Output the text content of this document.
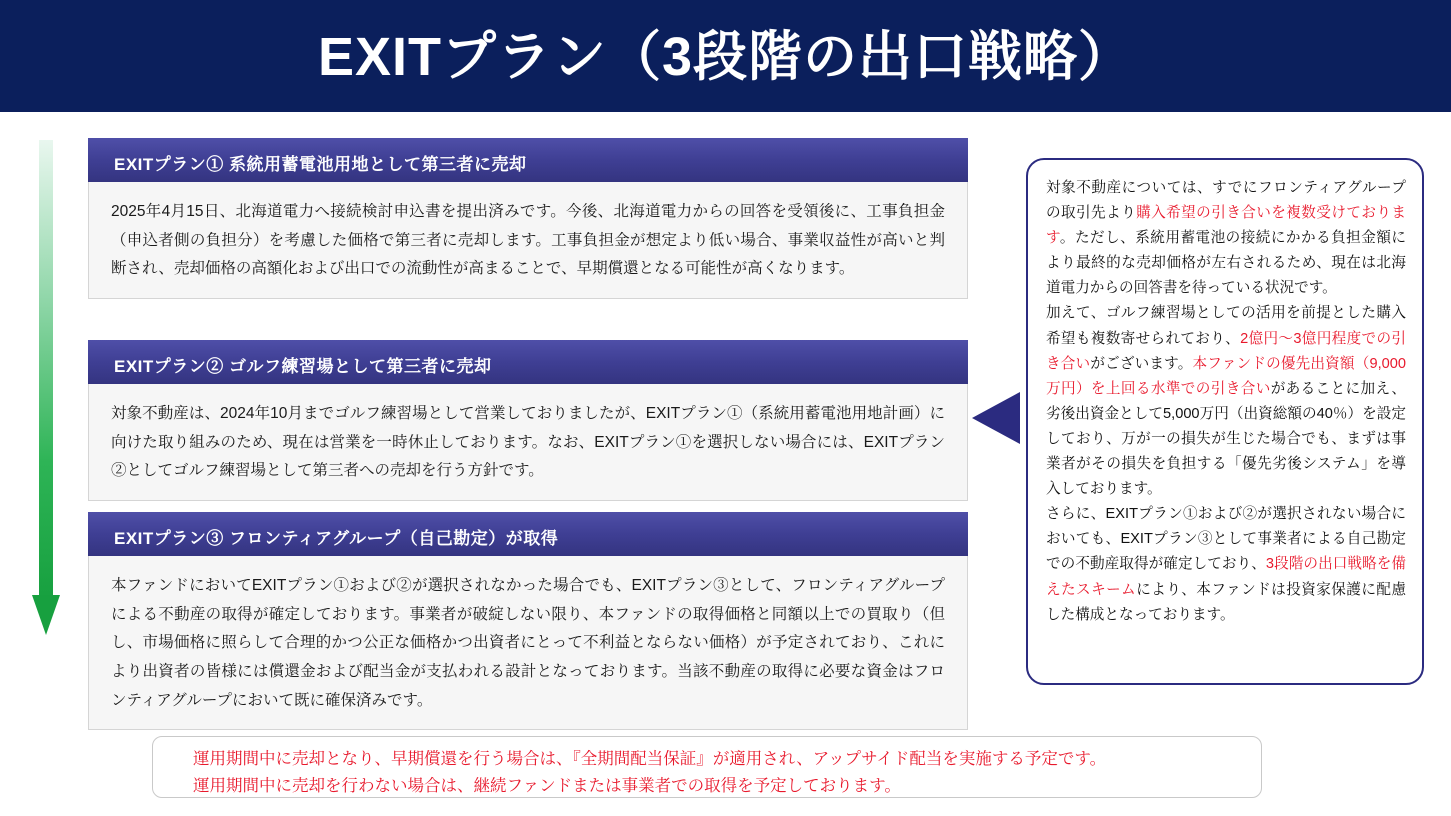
EXITプラン（3段階の出口戦略）
EXITプラン① 系統用蓄電池用地として第三者に売却
2025年4月15日、北海道電力へ接続検討申込書を提出済みです。今後、北海道電力からの回答を受領後に、工事負担金（申込者側の負担分）を考慮した価格で第三者に売却します。工事負担金が想定より低い場合、事業収益性が高いと判断され、売却価格の高額化および出口での流動性が高まることで、早期償還となる可能性が高くなります。
EXITプラン② ゴルフ練習場として第三者に売却
対象不動産は、2024年10月までゴルフ練習場として営業しておりましたが、EXITプラン①（系統用蓄電池用地計画）に向けた取り組みのため、現在は営業を一時休止しております。なお、EXITプラン①を選択しない場合には、EXITプラン②としてゴルフ練習場として第三者への売却を行う方針です。
EXITプラン③ フロンティアグループ（自己勘定）が取得
本ファンドにおいてEXITプラン①および②が選択されなかった場合でも、EXITプラン③として、フロンティアグループによる不動産の取得が確定しております。事業者が破綻しない限り、本ファンドの取得価格と同額以上での買取り（但し、市場価格に照らして合理的かつ公正な価格かつ出資者にとって不利益とならない価格）が予定されており、これにより出資者の皆様には償還金および配当金が支払われる設計となっております。当該不動産の取得に必要な資金はフロンティアグループにおいて既に確保済みです。

対象不動産については、すでにフロンティアグループの取引先より購入希望の引き合いを複数受けております。ただし、系統用蓄電池の接続にかかる負担金額により最終的な売却価格が左右されるため、現在は北海道電力からの回答書を待っている状況です。

加えて、ゴルフ練習場としての活用を前提とした購入希望も複数寄せられており、2億円〜3億円程度での引き合いがございます。本ファンドの優先出資額（9,000万円）を上回る水準での引き合いがあることに加え、劣後出資金として5,000万円（出資総額の40％）を設定しており、万が一の損失が生じた場合でも、まずは事業者がその損失を負担する「優先劣後システム」を導入しております。

さらに、EXITプラン①および②が選択されない場合においても、EXITプラン③として事業者による自己勘定での不動産取得が確定しており、3段階の出口戦略を備えたスキームにより、本ファンドは投資家保護に配慮した構成となっております。

運用期間中に売却となり、早期償還を行う場合は、『全期間配当保証』が適用され、アップサイド配当を実施する予定です。
運用期間中に売却を行わない場合は、継続ファンドまたは事業者での取得を予定しております。
